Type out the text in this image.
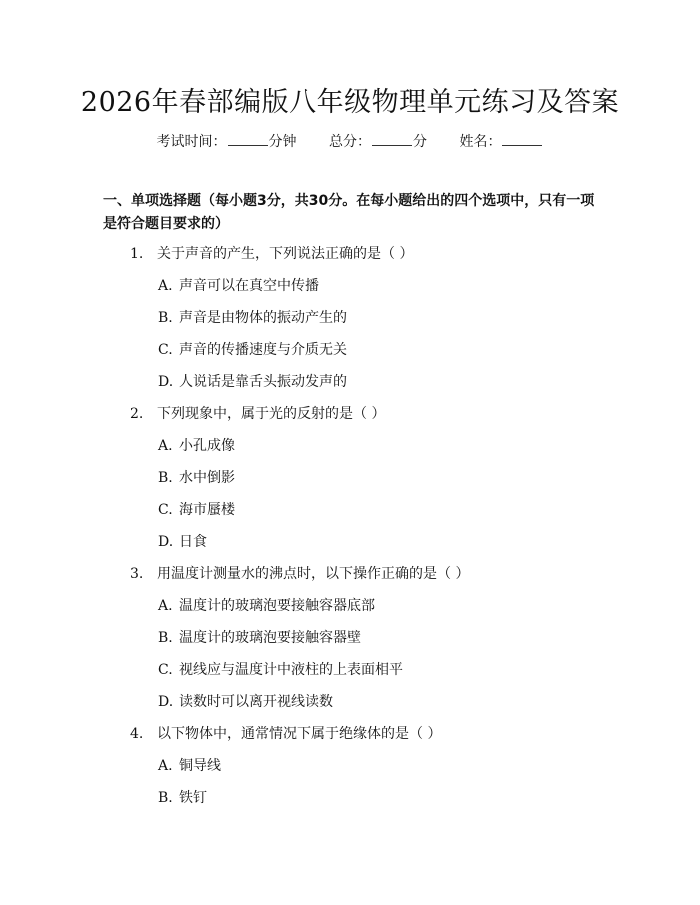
2026年春部编版八年级物理单元练习及答案
考试时间：	分钟 总分：	分 姓名：
一、单项选择题（每小题3分，共30分。在每小题给出的四个选项中，只有一项是符合题目要求的）
1. 关于声音的产生，下列说法正确的是（ ）
A. 声音可以在真空中传播
B. 声音是由物体的振动产生的
C. 声音的传播速度与介质无关
D. 人说话是靠舌头振动发声的
2. 下列现象中，属于光的反射的是（ ）
A. 小孔成像
B. 水中倒影
C. 海市蜃楼
D. 日食
3. 用温度计测量水的沸点时，以下操作正确的是（ ）
A. 温度计的玻璃泡要接触容器底部
B. 温度计的玻璃泡要接触容器壁
C. 视线应与温度计中液柱的上表面相平
D. 读数时可以离开视线读数
4. 以下物体中，通常情况下属于绝缘体的是（ ）
A. 铜导线
B. 铁钉
